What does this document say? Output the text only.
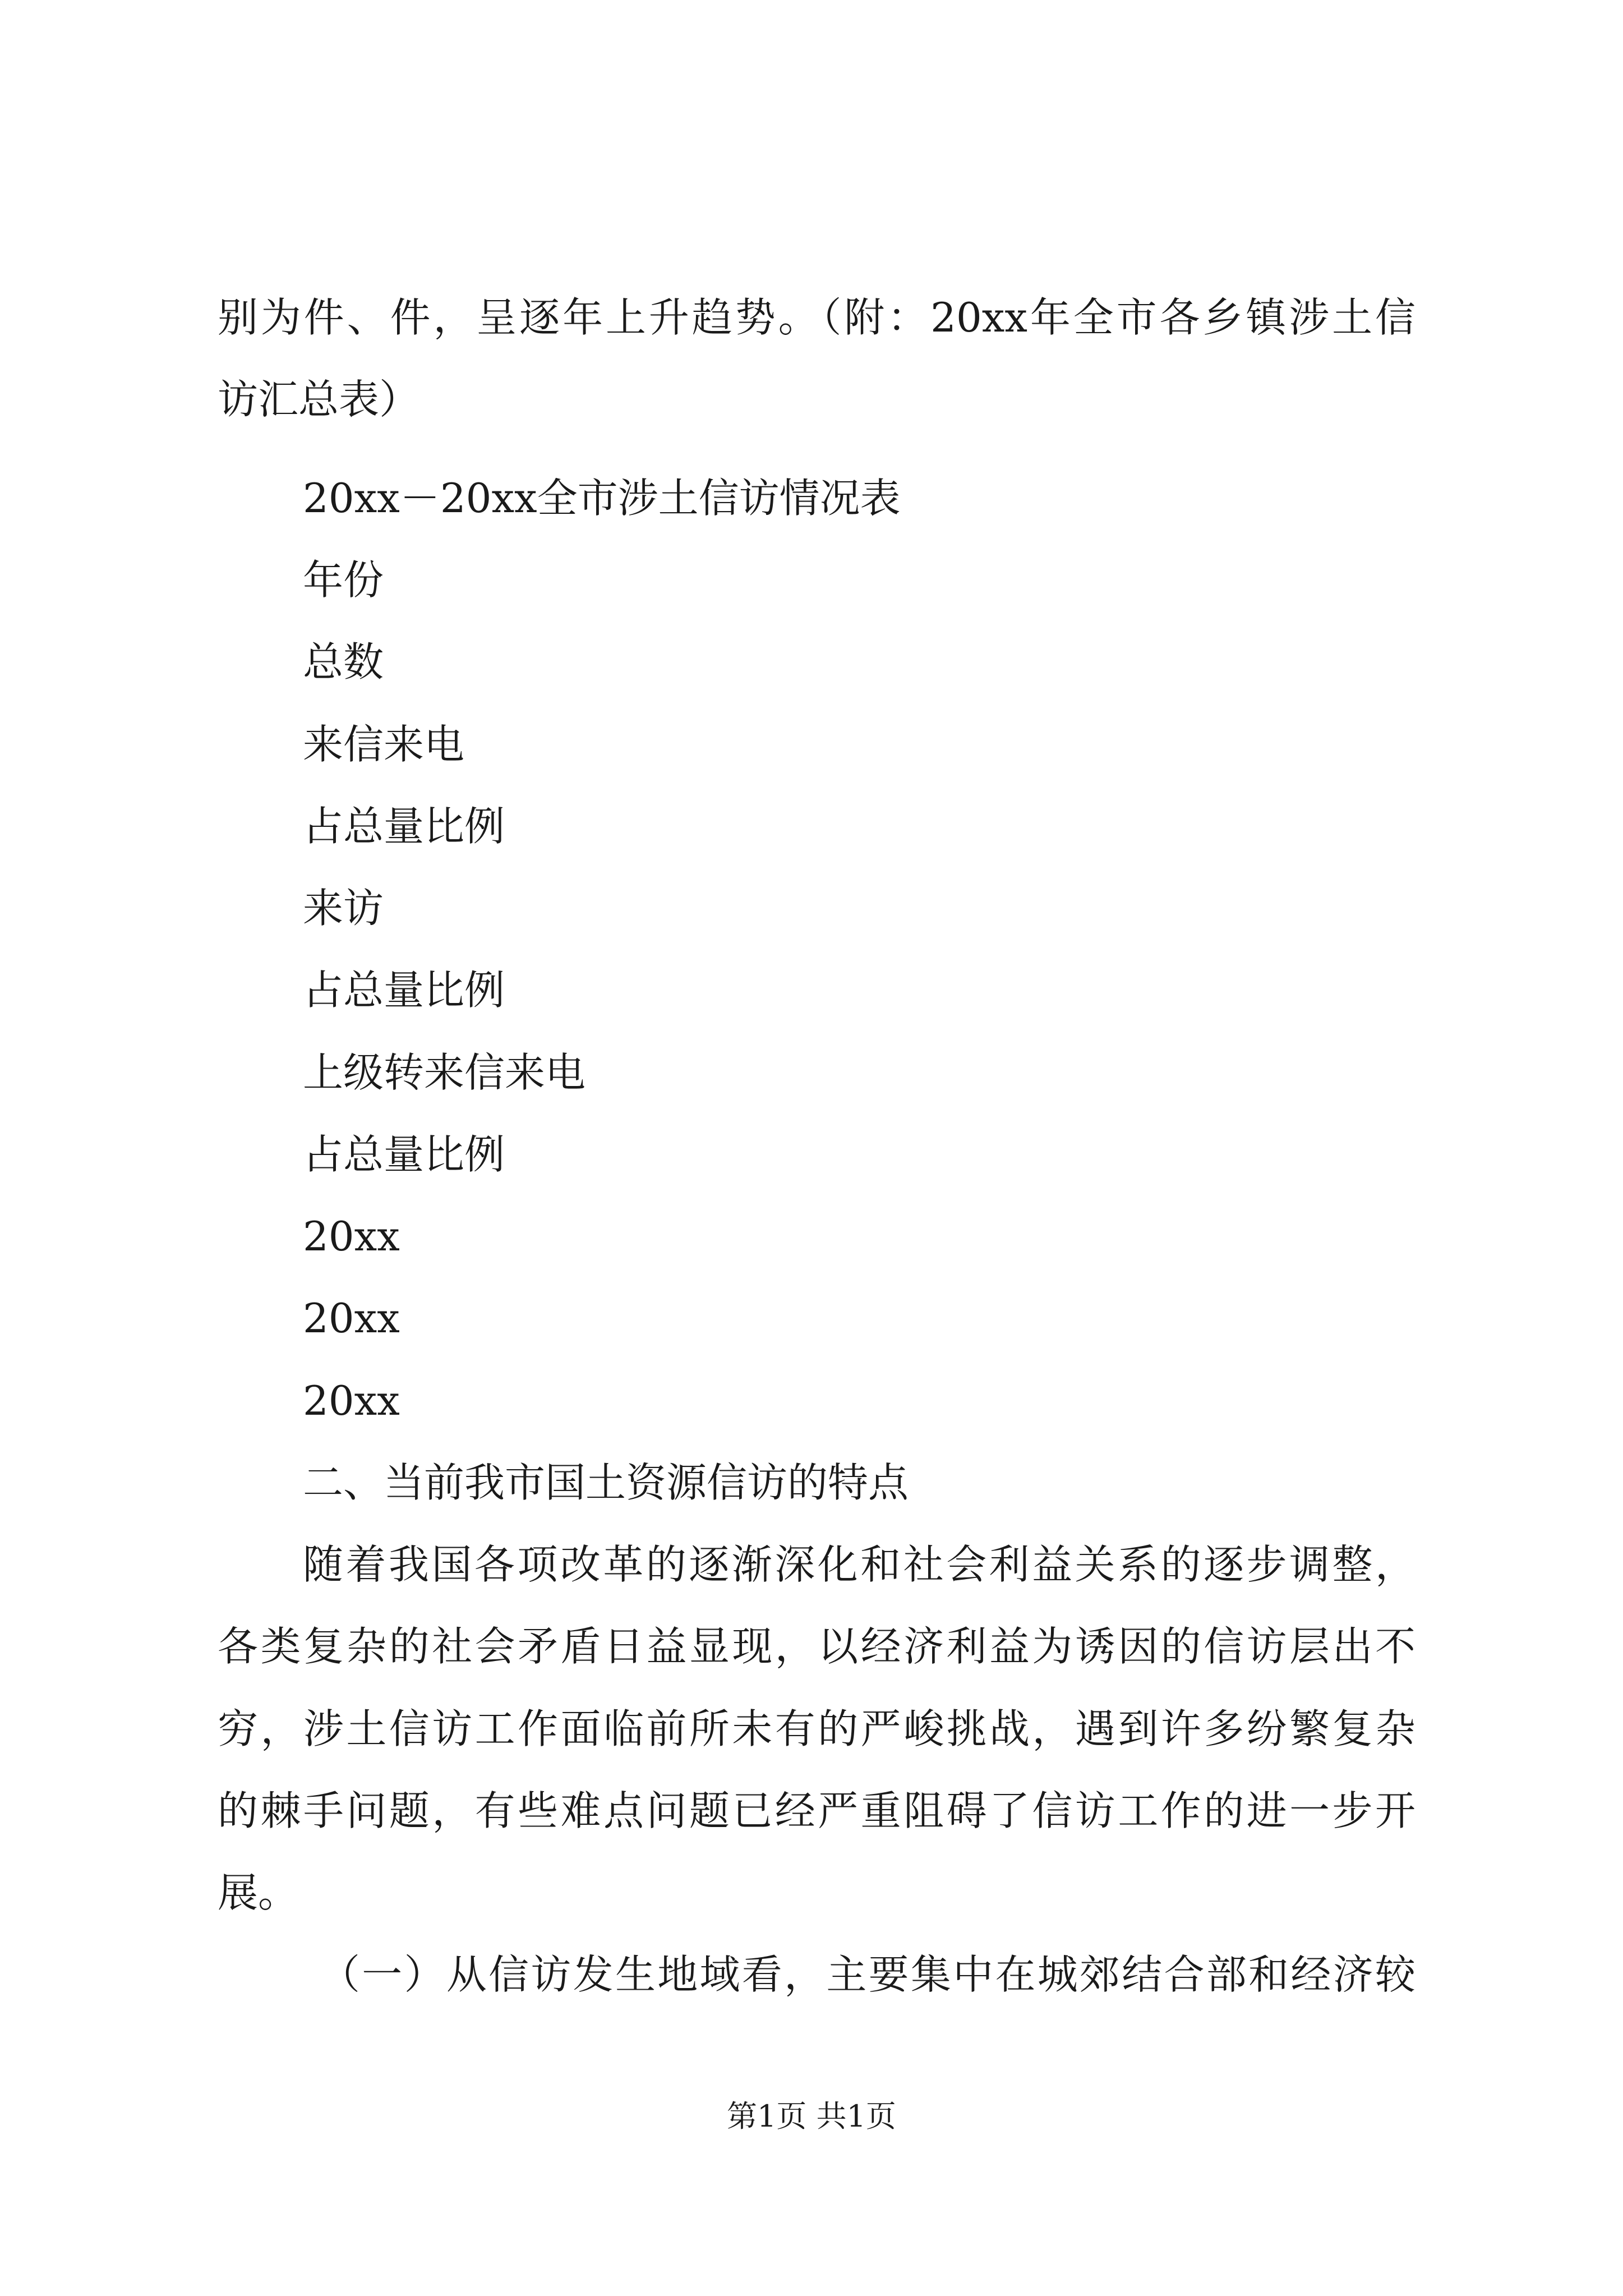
别为件、件，呈逐年上升趋势。（附：20xx年全市各乡镇涉土信
访汇总表）
20xx－20xx全市涉土信访情况表
年份
总数
来信来电
占总量比例
来访
占总量比例
上级转来信来电
占总量比例
20xx
20xx
20xx
二、当前我市国土资源信访的特点
随着我国各项改革的逐渐深化和社会利益关系的逐步调整，
各类复杂的社会矛盾日益显现，以经济利益为诱因的信访层出不
穷，涉土信访工作面临前所未有的严峻挑战，遇到许多纷繁复杂
的棘手问题，有些难点问题已经严重阻碍了信访工作的进一步开
展。
（一）从信访发生地域看，主要集中在城郊结合部和经济较
第1页 共1页
